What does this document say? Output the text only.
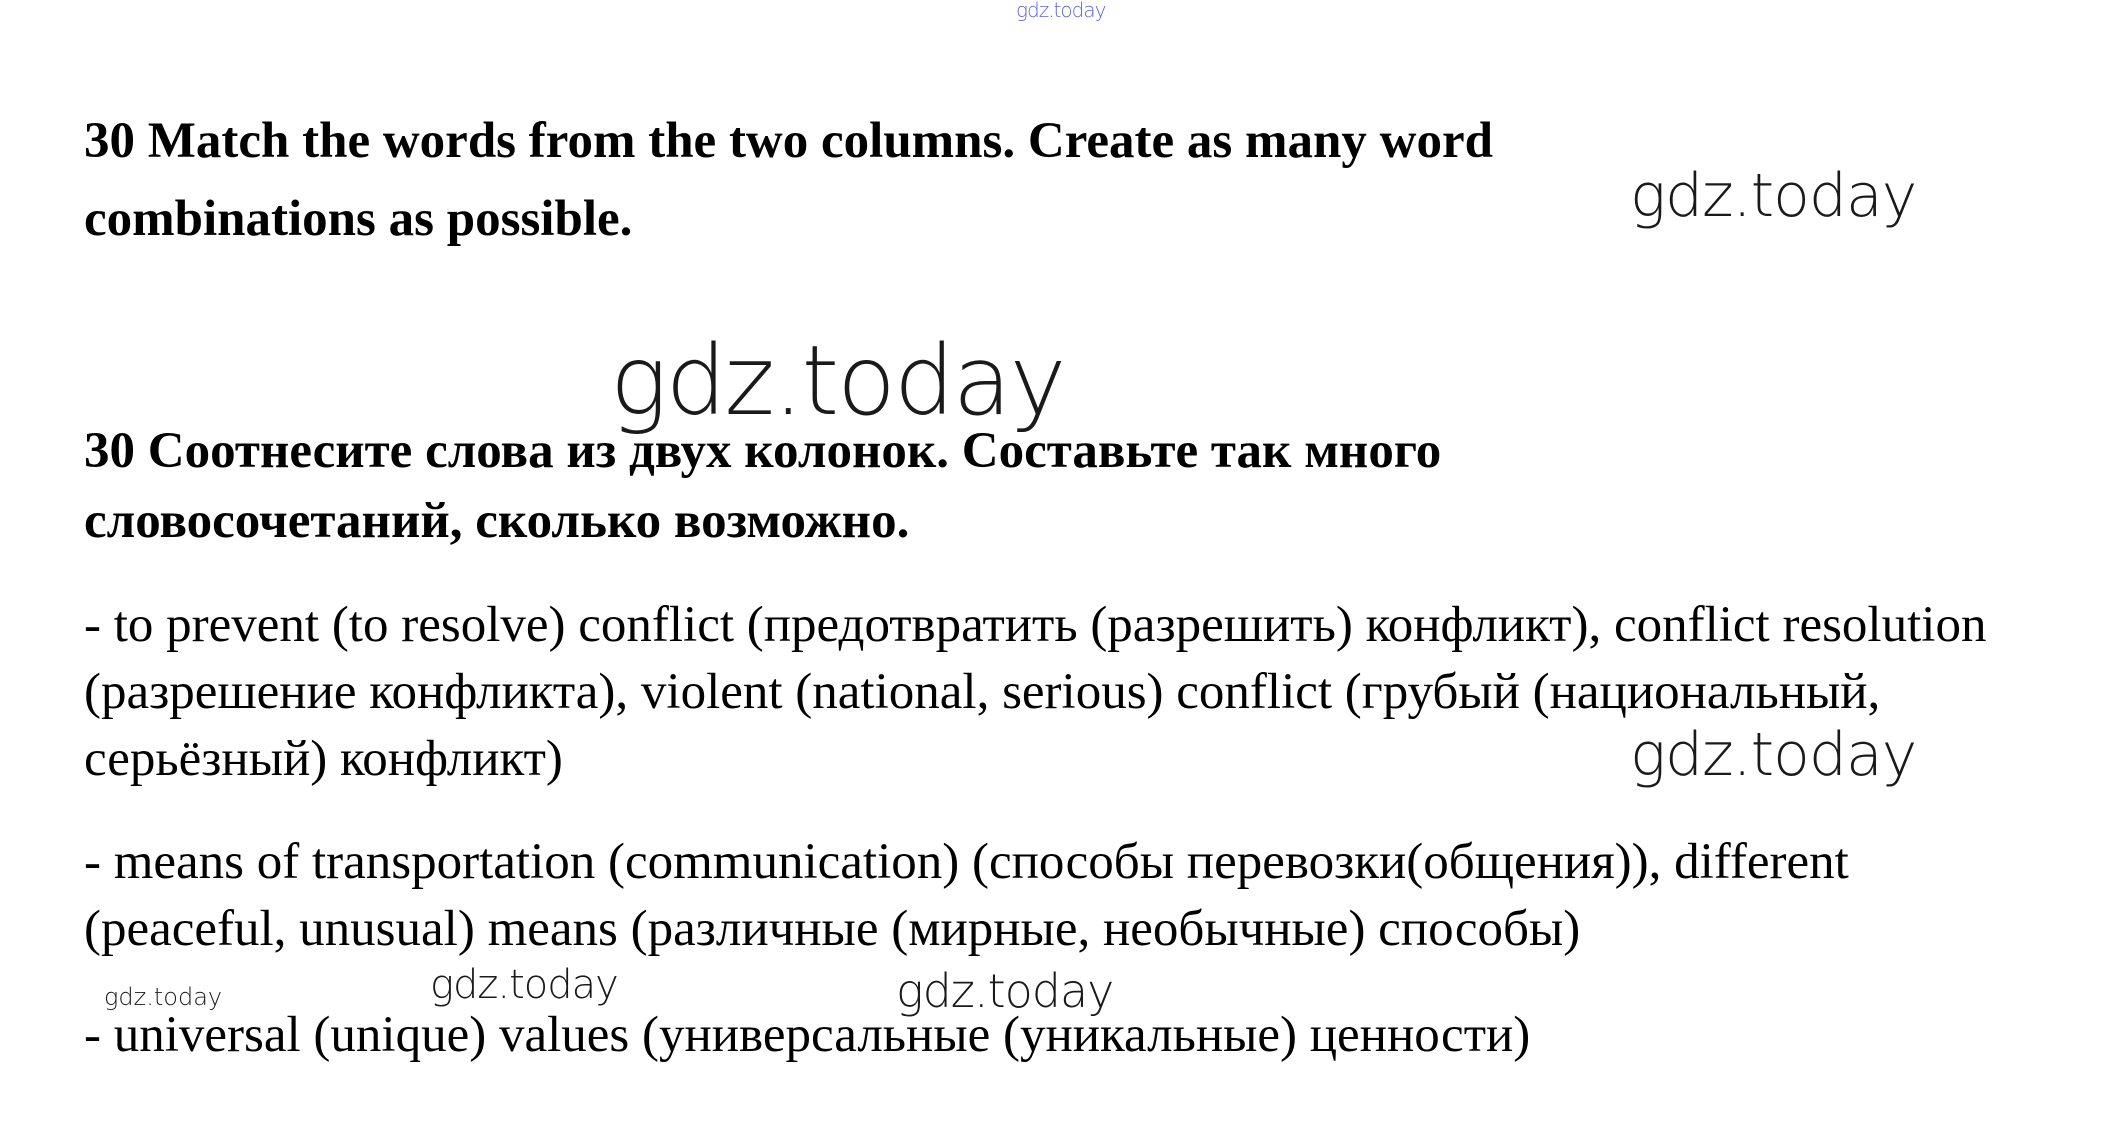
gdz.today
gdz.today
gdz.today
gdz.today
gdz.today	gdz.today	gdz.today

30 Match the words from the two columns. Create as many word combinations as possible.

30 Соотнесите слова из двух колонок. Составьте так много словосочетаний, сколько возможно.

- to prevent (to resolve) conflict (предотвратить (разрешить) конфликт), conflict resolution (разрешение конфликта), violent (national, serious) conflict (грубый (национальный, серьёзный) конфликт)

- means of transportation (communication) (способы перевозки(общения)), different (peaceful, unusual) means (различные (мирные, необычные) способы)

- universal (unique) values (универсальные (уникальные) ценности)
